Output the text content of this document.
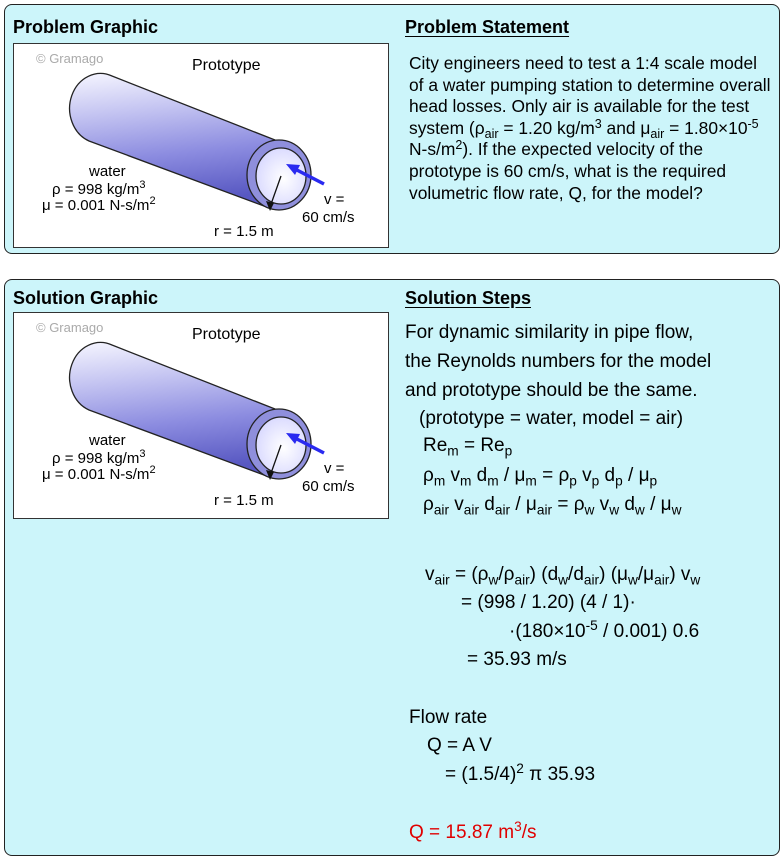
Problem Graphic	Problem Statement
© Gramago	Prototype
water
ρ = 998 $kg/m^3$
μ = 0.001 $N-s/m^2$	v =
60 cm/s
r = 1.5 m

City engineers need to test a 1:4 scale model of a water pumping station to determine overall head losses. Only air is available for the test system ($\rho_{air} = 1.20$ $kg/m^3$ and $\mu_{air} = 1.80\times 10^{-5}$ $N-s/m^2$). If the expected velocity of the prototype is 60 cm/s, what is the required volumetric flow rate, Q, for the model?

Solution Graphic	Solution Steps
© Gramago	Prototype
water
ρ = 998 $kg/m^3$
μ = 0.001 $N-s/m^2$	v =
60 cm/s
r = 1.5 m
For dynamic similarity in pipe flow,
the Reynolds numbers for the model
and prototype should be the same.
(prototype = water, model = air)
$Re_m = Re_p$
$\rho_m$ $v_m$ $d_m / \mu_m = \rho_p$ $v_p$ $d_p / \mu_p$
$\rho_{air}$ $v_{air}$ $d_{air} / \mu_{air} = \rho_w$ $v_w$ $d_w / \mu_w$
$v_{air} = (\rho_w/\rho_{air})$ $(d_w/d_{air})$ $(\mu_w/\mu_{air})$ $v_w$
= (998 / 1.20) (4 / 1)·
$\cdot(180\times 10^{-5} / 0.001)$ 0.6
= 35.93 m/s
Flow rate
Q = A V
= $(1.5/4)^2$ π 35.93
Q = 15.87 $m^3/s$
